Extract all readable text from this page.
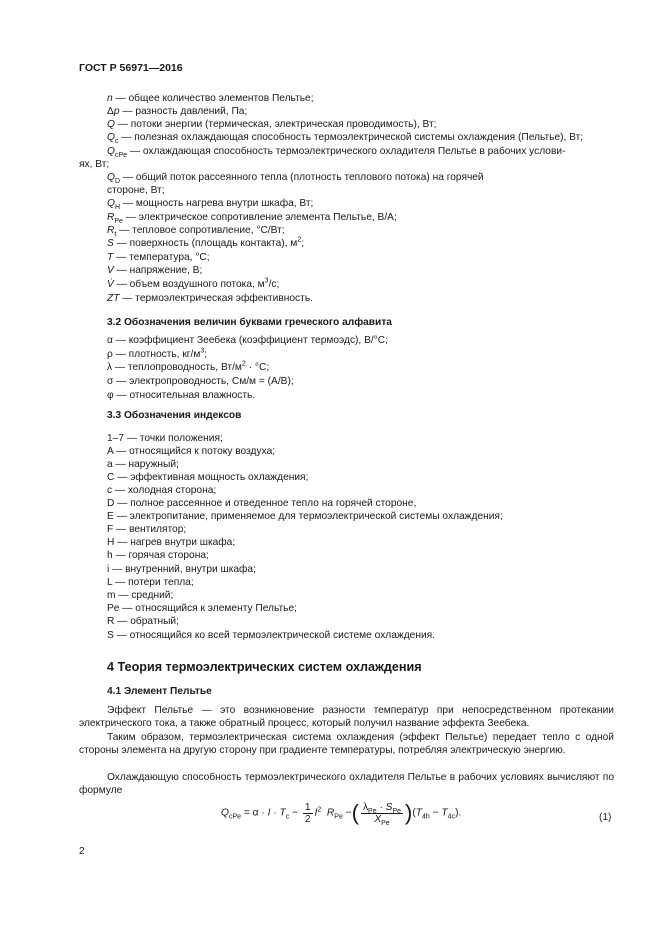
ГОСТ Р 56971—2016
n — общее количество элементов Пельтье;
Δp — разность давлений, Па;
Q — потоки энергии (термическая, электрическая проводимость), Вт;
$Q_c$ — полезная охлаждающая способность термоэлектрической системы охлаждения (Пельтье), Вт;
$Q_{cPe}$ — охлаждающая способность термоэлектрического охладителя Пельтье в рабочих услови-
ях, Вт;
$Q_D$ — общий поток рассеянного тепла (плотность теплового потока) на горячей
стороне, Вт;
$Q_H$ — мощность нагрева внутри шкафа, Вт;
$R_{Pe}$ — электрическое сопротивление элемента Пельтье, В/А;
$R_t$ — тепловое сопротивление, °С/Вт;
S — поверхность (площадь контакта), $м^2$;
T — температура, °С;
V — напряжение, В;
V̇ — объем воздушного потока, $м^3/с$;
ZT — термоэлектрическая эффективность.
3.2 Обозначения величин буквами греческого алфавита
α — коэффициент Зеебека (коэффициент термоэдс), В/°С;
ρ — плотность, $кг/м^3$;
λ — теплопроводность, $Вт/м^2 \cdot ^\circ С$;
σ — электропроводность, См/м = (А/В);
φ — относительная влажность.
3.3 Обозначения индексов
1–7 — точки положения;
A — относящийся к потоку воздуха;
a — наружный;
C — эффективная мощность охлаждения;
c — холодная сторона;
D — полное рассеянное и отведенное тепло на горячей стороне,
E — электропитание, применяемое для термоэлектрической системы охлаждения;
F — вентилятор;
H — нагрев внутри шкафа;
h — горячая сторона;
i — внутренний, внутри шкафа;
L — потери тепла;
m — средний;
Pe — относящийся к элементу Пельтье;
R — обратный;
S — относящийся ко всей термоэлектрической системе охлаждения.
4 Теория термоэлектрических систем охлаждения
4.1 Элемент Пельтье
Эффект Пельтье — это возникновение разности температур при непосредственном протекании электрического тока, а также обратный процесс, который получил название эффекта Зеебека.
Таким образом, термоэлектрическая система охлаждения (эффект Пельтье) передает тепло с одной стороны элемента на другую сторону при градиенте температуры, потребляя электрическую энергию.
Охлаждающую способность термоэлектрического охладителя Пельтье в рабочих условиях вычисляют по формуле
$Q_{cPe} = \alpha \cdot I \cdot T_c - \frac{1}{2} I^2$ $R_{Pe}$ −( $\frac{\lambda_{Pe} \cdot S_{Pe}}{X_{Pe}} )(T_{4h} - T_{4c})$.	(1)
2
